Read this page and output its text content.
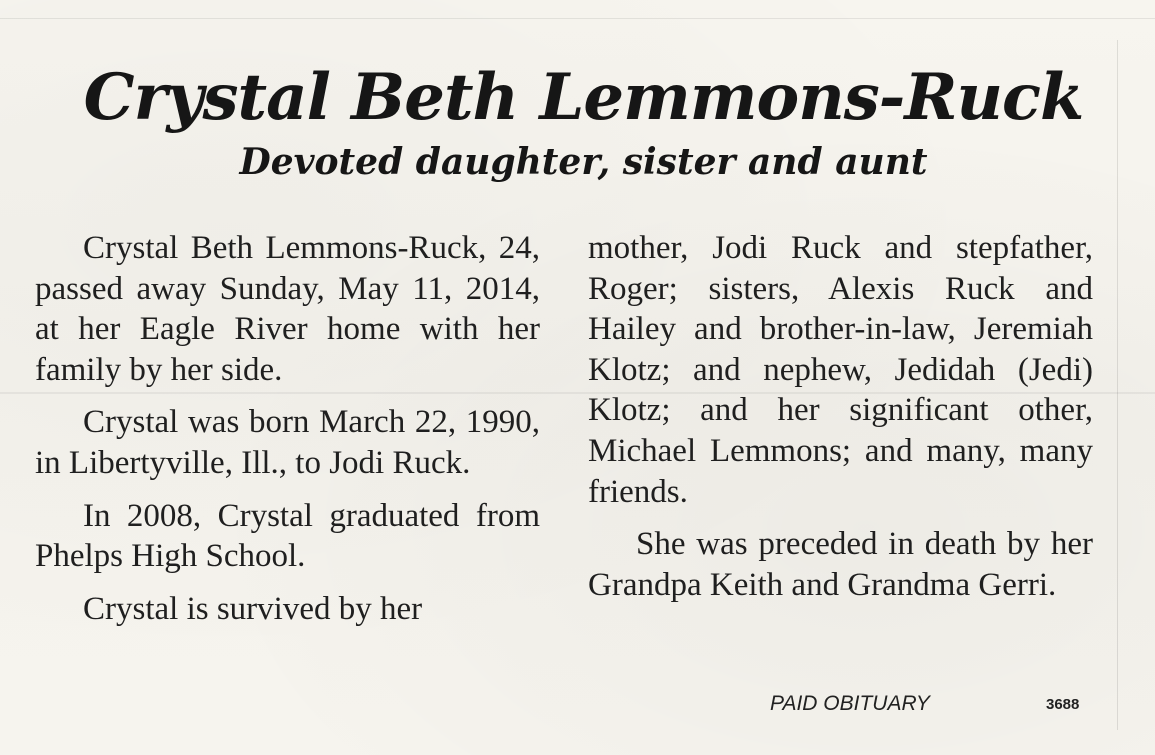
Crystal Beth Lemmons-Ruck
Devoted daughter, sister and aunt

Crystal Beth Lemmons-Ruck, 24, passed away Sunday, May 11, 2014, at her Eagle River home with her family by her side.

Crystal was born March 22, 1990, in Libertyville, Ill., to Jodi Ruck.

In 2008, Crystal graduated from Phelps High School.

Crystal is survived by her

mother, Jodi Ruck and stepfather, Roger; sisters, Alexis Ruck and Hailey and brother-in-law, Jeremiah Klotz; and nephew, Jedidah (Jedi) Klotz; and her significant other, Michael Lemmons; and many, many friends.

She was preceded in death by her Grandpa Keith and Grandma Gerri.

PAID OBITUARY	3688
